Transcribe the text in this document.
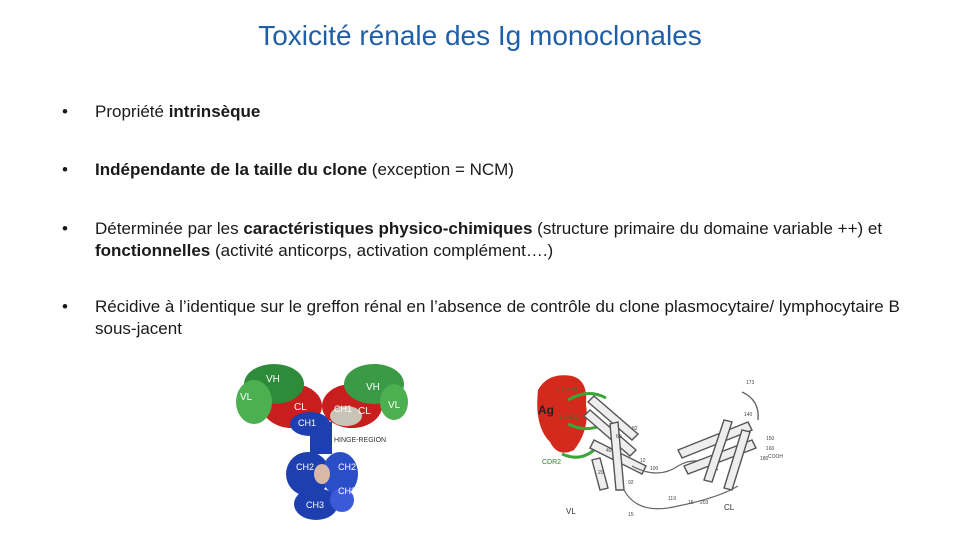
Toxicité rénale des Ig monoclonales
• Propriété intrinsèque
• Indépendante de la taille du clone (exception = NCM)
• Déterminée par les caractéristiques physico-chimiques (structure primaire du domaine variable ++) et fonctionnelles (activité anticorps, activation complément….)
• Récidive à l’identique sur le greffon rénal en l’absence de contrôle du clone plasmocytaire/ lymphocytaire B sous-jacent
VH
VH
VL
VL
CL	CL
CH1
CH1
HINGE-REGION
CH2	CH2
CH3
CH3
Ag
CDR3
CDR1
CDR2
173
82
150
60
160
140
180
40
12
100
92
20
119
16 203
15
COOH
VL	CL
